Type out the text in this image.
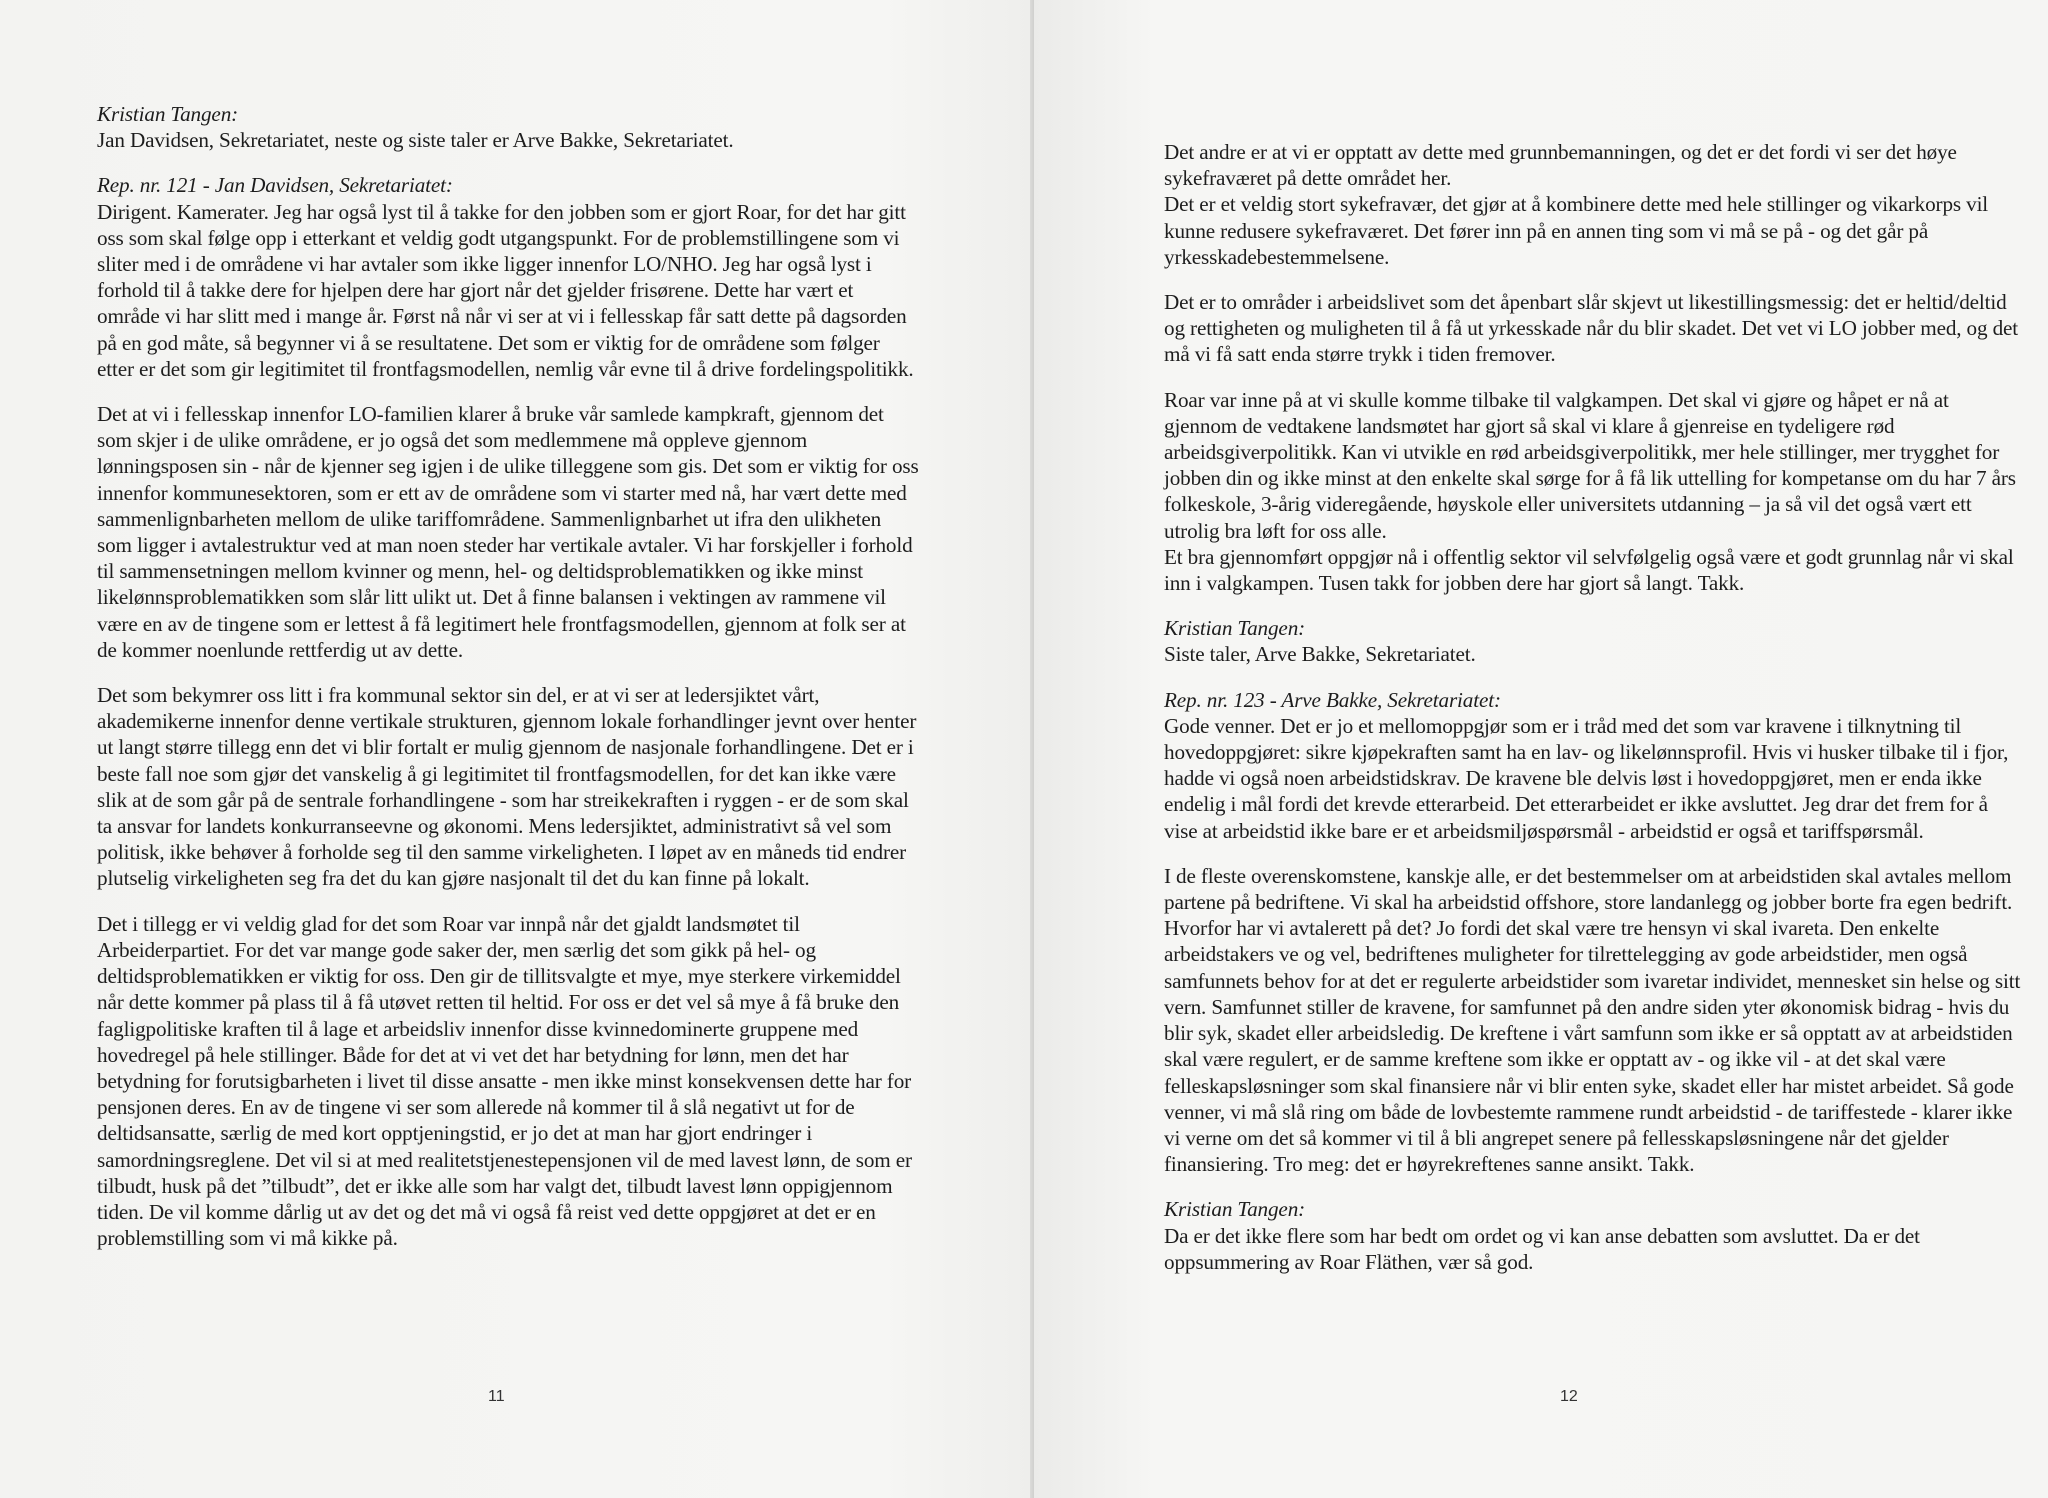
Kristian Tangen:
Jan Davidsen, Sekretariatet, neste og siste taler er Arve Bakke, Sekretariatet.

Rep. nr. 121 - Jan Davidsen, Sekretariatet:
Dirigent. Kamerater. Jeg har også lyst til å takke for den jobben som er gjort Roar, for det har gitt oss som skal følge opp i etterkant et veldig godt utgangspunkt. For de problemstillingene som vi sliter med i de områdene vi har avtaler som ikke ligger innenfor LO/NHO. Jeg har også lyst i forhold til å takke dere for hjelpen dere har gjort når det gjelder frisørene. Dette har vært et område vi har slitt med i mange år. Først nå når vi ser at vi i fellesskap får satt dette på dagsorden på en god måte, så begynner vi å se resultatene. Det som er viktig for de områdene som følger etter er det som gir legitimitet til frontfagsmodellen, nemlig vår evne til å drive fordelingspolitikk.

Det at vi i fellesskap innenfor LO-familien klarer å bruke vår samlede kampkraft, gjennom det som skjer i de ulike områdene, er jo også det som medlemmene må oppleve gjennom lønningsposen sin - når de kjenner seg igjen i de ulike tilleggene som gis. Det som er viktig for oss innenfor kommunesektoren, som er ett av de områdene som vi starter med nå, har vært dette med sammenlignbarheten mellom de ulike tariffområdene. Sammenlignbarhet ut ifra den ulikheten som ligger i avtalestruktur ved at man noen steder har vertikale avtaler. Vi har forskjeller i forhold til sammensetningen mellom kvinner og menn, hel- og deltidsproblematikken og ikke minst likelønnsproblematikken som slår litt ulikt ut. Det å finne balansen i vektingen av rammene vil være en av de tingene som er lettest å få legitimert hele frontfagsmodellen, gjennom at folk ser at de kommer noenlunde rettferdig ut av dette.

Det som bekymrer oss litt i fra kommunal sektor sin del, er at vi ser at ledersjiktet vårt, akademikerne innenfor denne vertikale strukturen, gjennom lokale forhandlinger jevnt over henter ut langt større tillegg enn det vi blir fortalt er mulig gjennom de nasjonale forhandlingene. Det er i beste fall noe som gjør det vanskelig å gi legitimitet til frontfagsmodellen, for det kan ikke være slik at de som går på de sentrale forhandlingene - som har streikekraften i ryggen - er de som skal ta ansvar for landets konkurranseevne og økonomi. Mens ledersjiktet, administrativt så vel som politisk, ikke behøver å forholde seg til den samme virkeligheten. I løpet av en måneds tid endrer plutselig virkeligheten seg fra det du kan gjøre nasjonalt til det du kan finne på lokalt.

Det i tillegg er vi veldig glad for det som Roar var innpå når det gjaldt landsmøtet til Arbeiderpartiet. For det var mange gode saker der, men særlig det som gikk på hel- og deltidsproblematikken er viktig for oss. Den gir de tillitsvalgte et mye, mye sterkere virkemiddel når dette kommer på plass til å få utøvet retten til heltid. For oss er det vel så mye å få bruke den fagligpolitiske kraften til å lage et arbeidsliv innenfor disse kvinnedominerte gruppene med hovedregel på hele stillinger. Både for det at vi vet det har betydning for lønn, men det har betydning for forutsigbarheten i livet til disse ansatte - men ikke minst konsekvensen dette har for pensjonen deres. En av de tingene vi ser som allerede nå kommer til å slå negativt ut for de deltidsansatte, særlig de med kort opptjeningstid, er jo det at man har gjort endringer i samordningsreglene. Det vil si at med realitetstjenestepensjonen vil de med lavest lønn, de som er tilbudt, husk på det ”tilbudt”, det er ikke alle som har valgt det, tilbudt lavest lønn oppigjennom tiden. De vil komme dårlig ut av det og det må vi også få reist ved dette oppgjøret at det er en problemstilling som vi må kikke på.

11

Det andre er at vi er opptatt av dette med grunnbemanningen, og det er det fordi vi ser det høye sykefraværet på dette området her.
Det er et veldig stort sykefravær, det gjør at å kombinere dette med hele stillinger og vikarkorps vil kunne redusere sykefraværet. Det fører inn på en annen ting som vi må se på - og det går på yrkesskadebestemmelsene.

Det er to områder i arbeidslivet som det åpenbart slår skjevt ut likestillingsmessig: det er heltid/deltid og rettigheten og muligheten til å få ut yrkesskade når du blir skadet. Det vet vi LO jobber med, og det må vi få satt enda større trykk i tiden fremover.

Roar var inne på at vi skulle komme tilbake til valgkampen. Det skal vi gjøre og håpet er nå at gjennom de vedtakene landsmøtet har gjort så skal vi klare å gjenreise en tydeligere rød arbeidsgiverpolitikk. Kan vi utvikle en rød arbeidsgiverpolitikk, mer hele stillinger, mer trygghet for jobben din og ikke minst at den enkelte skal sørge for å få lik uttelling for kompetanse om du har 7 års folkeskole, 3-årig videregående, høyskole eller universitets utdanning – ja så vil det også vært ett utrolig bra løft for oss alle.
Et bra gjennomført oppgjør nå i offentlig sektor vil selvfølgelig også være et godt grunnlag når vi skal inn i valgkampen. Tusen takk for jobben dere har gjort så langt. Takk.

Kristian Tangen:
Siste taler, Arve Bakke, Sekretariatet.

Rep. nr. 123 - Arve Bakke, Sekretariatet:
Gode venner. Det er jo et mellomoppgjør som er i tråd med det som var kravene i tilknytning til hovedoppgjøret: sikre kjøpekraften samt ha en lav- og likelønnsprofil. Hvis vi husker tilbake til i fjor, hadde vi også noen arbeidstidskrav. De kravene ble delvis løst i hovedoppgjøret, men er enda ikke endelig i mål fordi det krevde etterarbeid. Det etterarbeidet er ikke avsluttet. Jeg drar det frem for å vise at arbeidstid ikke bare er et arbeidsmiljøspørsmål - arbeidstid er også et tariffspørsmål.

I de fleste overenskomstene, kanskje alle, er det bestemmelser om at arbeidstiden skal avtales mellom partene på bedriftene. Vi skal ha arbeidstid offshore, store landanlegg og jobber borte fra egen bedrift. Hvorfor har vi avtalerett på det? Jo fordi det skal være tre hensyn vi skal ivareta. Den enkelte arbeidstakers ve og vel, bedriftenes muligheter for tilrettelegging av gode arbeidstider, men også samfunnets behov for at det er regulerte arbeidstider som ivaretar individet, mennesket sin helse og sitt vern. Samfunnet stiller de kravene, for samfunnet på den andre siden yter økonomisk bidrag - hvis du blir syk, skadet eller arbeidsledig. De kreftene i vårt samfunn som ikke er så opptatt av at arbeidstiden skal være regulert, er de samme kreftene som ikke er opptatt av - og ikke vil - at det skal være felleskapsløsninger som skal finansiere når vi blir enten syke, skadet eller har mistet arbeidet. Så gode venner, vi må slå ring om både de lovbestemte rammene rundt arbeidstid - de tariffestede - klarer ikke vi verne om det så kommer vi til å bli angrepet senere på fellesskapsløsningene når det gjelder finansiering. Tro meg: det er høyrekreftenes sanne ansikt. Takk.

Kristian Tangen:
Da er det ikke flere som har bedt om ordet og vi kan anse debatten som avsluttet. Da er det oppsummering av Roar Fläthen, vær så god.

12
